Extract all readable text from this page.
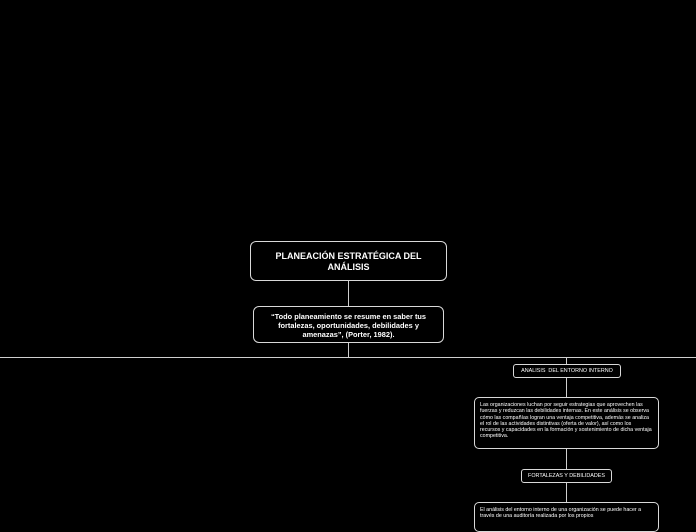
PLANEACIÓN ESTRATÉGICA DEL ANÁLISIS
“Todo planeamiento se resume en saber tus fortalezas, oportunidades, debilidades y amenazas”, (Porter, 1982).
ANALISIS  DEL ENTORNO INTERNO
Las organizaciones luchan por seguir estrategias que aprovechen las fuerzas y reduzcan las debilidades internas. En este análisis se observa cómo las compañías logran una ventaja competitiva, además se analiza el rol de las actividades distintivas (oferta de valor), así como los recursos y capacidades en la formación y sostenimiento de dicha ventaja competitiva.
FORTALEZAS Y DEBILIDADES
El análisis del entorno interno de una organización se puede hacer a través de una auditoría realizada por los propios
